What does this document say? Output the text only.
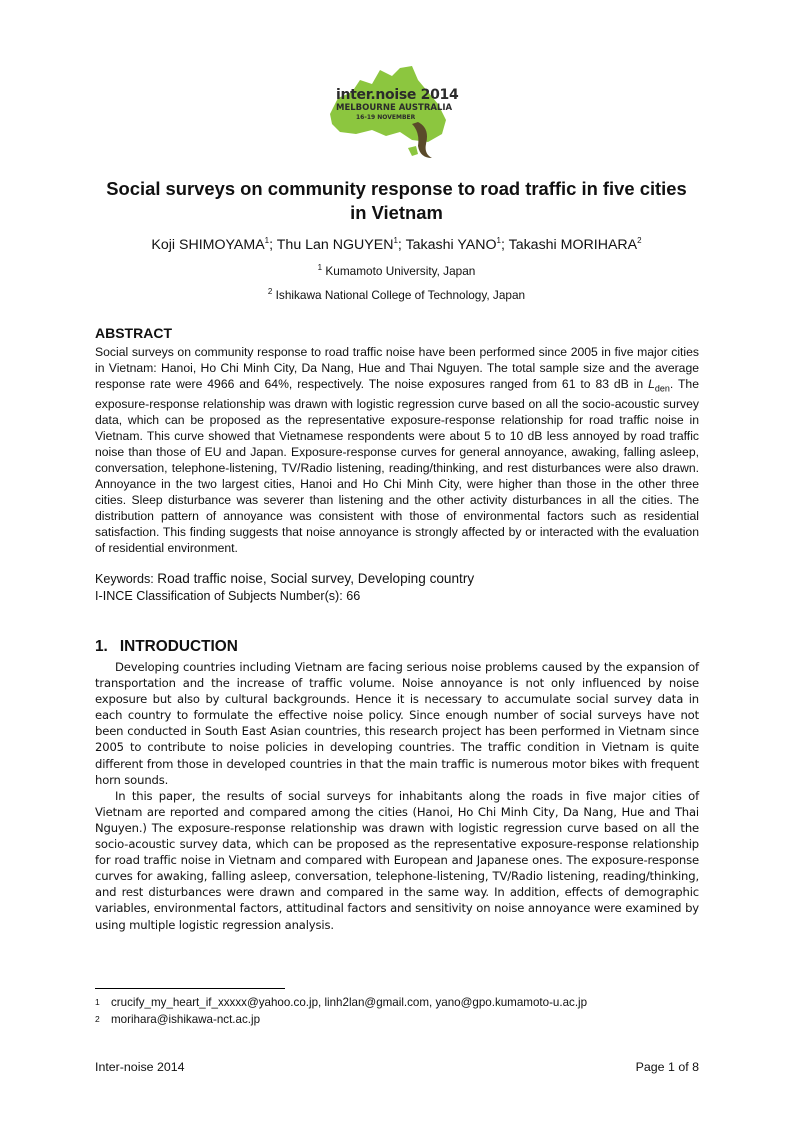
inter.noise 2014
MELBOURNE AUSTRALIA
16-19 NOVEMBER
Social surveys on community response to road traffic in five cities
in Vietnam
Koji SHIMOYAMA$^1$; Thu Lan NGUYEN$^1$; Takashi YANO$^1$; Takashi MORIHARA$^2$
$^1$ Kumamoto University, Japan
$^2$ Ishikawa National College of Technology, Japan
ABSTRACT
Social surveys on community response to road traffic noise have been performed since 2005 in five major cities in Vietnam: Hanoi, Ho Chi Minh City, Da Nang, Hue and Thai Nguyen. The total sample size and the average response rate were 4966 and 64%, respectively. The noise exposures ranged from 61 to 83 dB in $L_{den}$. The exposure-response relationship was drawn with logistic regression curve based on all the socio-acoustic survey data, which can be proposed as the representative exposure-response relationship for road traffic noise in Vietnam. This curve showed that Vietnamese respondents were about 5 to 10 dB less annoyed by road traffic noise than those of EU and Japan. Exposure-response curves for general annoyance, awaking, falling asleep, conversation, telephone-listening, TV/Radio listening, reading/thinking, and rest disturbances were also drawn. Annoyance in the two largest cities, Hanoi and Ho Chi Minh City, were higher than those in the other three cities. Sleep disturbance was severer than listening and the other activity disturbances in all the cities. The distribution pattern of annoyance was consistent with those of environmental factors such as residential satisfaction. This finding suggests that noise annoyance is strongly affected by or interacted with the evaluation of residential environment.
Keywords: Road traffic noise, Social survey, Developing country
I-INCE Classification of Subjects Number(s): 66
1. INTRODUCTION

Developing countries including Vietnam are facing serious noise problems caused by the expansion of transportation and the increase of traffic volume. Noise annoyance is not only influenced by noise exposure but also by cultural backgrounds. Hence it is necessary to accumulate social survey data in each country to formulate the effective noise policy. Since enough number of social surveys have not been conducted in South East Asian countries, this research project has been performed in Vietnam since 2005 to contribute to noise policies in developing countries. The traffic condition in Vietnam is quite different from those in developed countries in that the main traffic is numerous motor bikes with frequent horn sounds.

In this paper, the results of social surveys for inhabitants along the roads in five major cities of Vietnam are reported and compared among the cities (Hanoi, Ho Chi Minh City, Da Nang, Hue and Thai Nguyen.) The exposure-response relationship was drawn with logistic regression curve based on all the socio-acoustic survey data, which can be proposed as the representative exposure-response relationship for road traffic noise in Vietnam and compared with European and Japanese ones. The exposure-response curves for awaking, falling asleep, conversation, telephone-listening, TV/Radio listening, reading/thinking, and rest disturbances were drawn and compared in the same way. In addition, effects of demographic variables, environmental factors, attitudinal factors and sensitivity on noise annoyance were examined by using multiple logistic regression analysis.

1 crucify_my_heart_if_xxxxx@yahoo.co.jp, linh2lan@gmail.com, yano@gpo.kumamoto-u.ac.jp
2 morihara@ishikawa-nct.ac.jp
Inter-noise 2014	Page 1 of 8
